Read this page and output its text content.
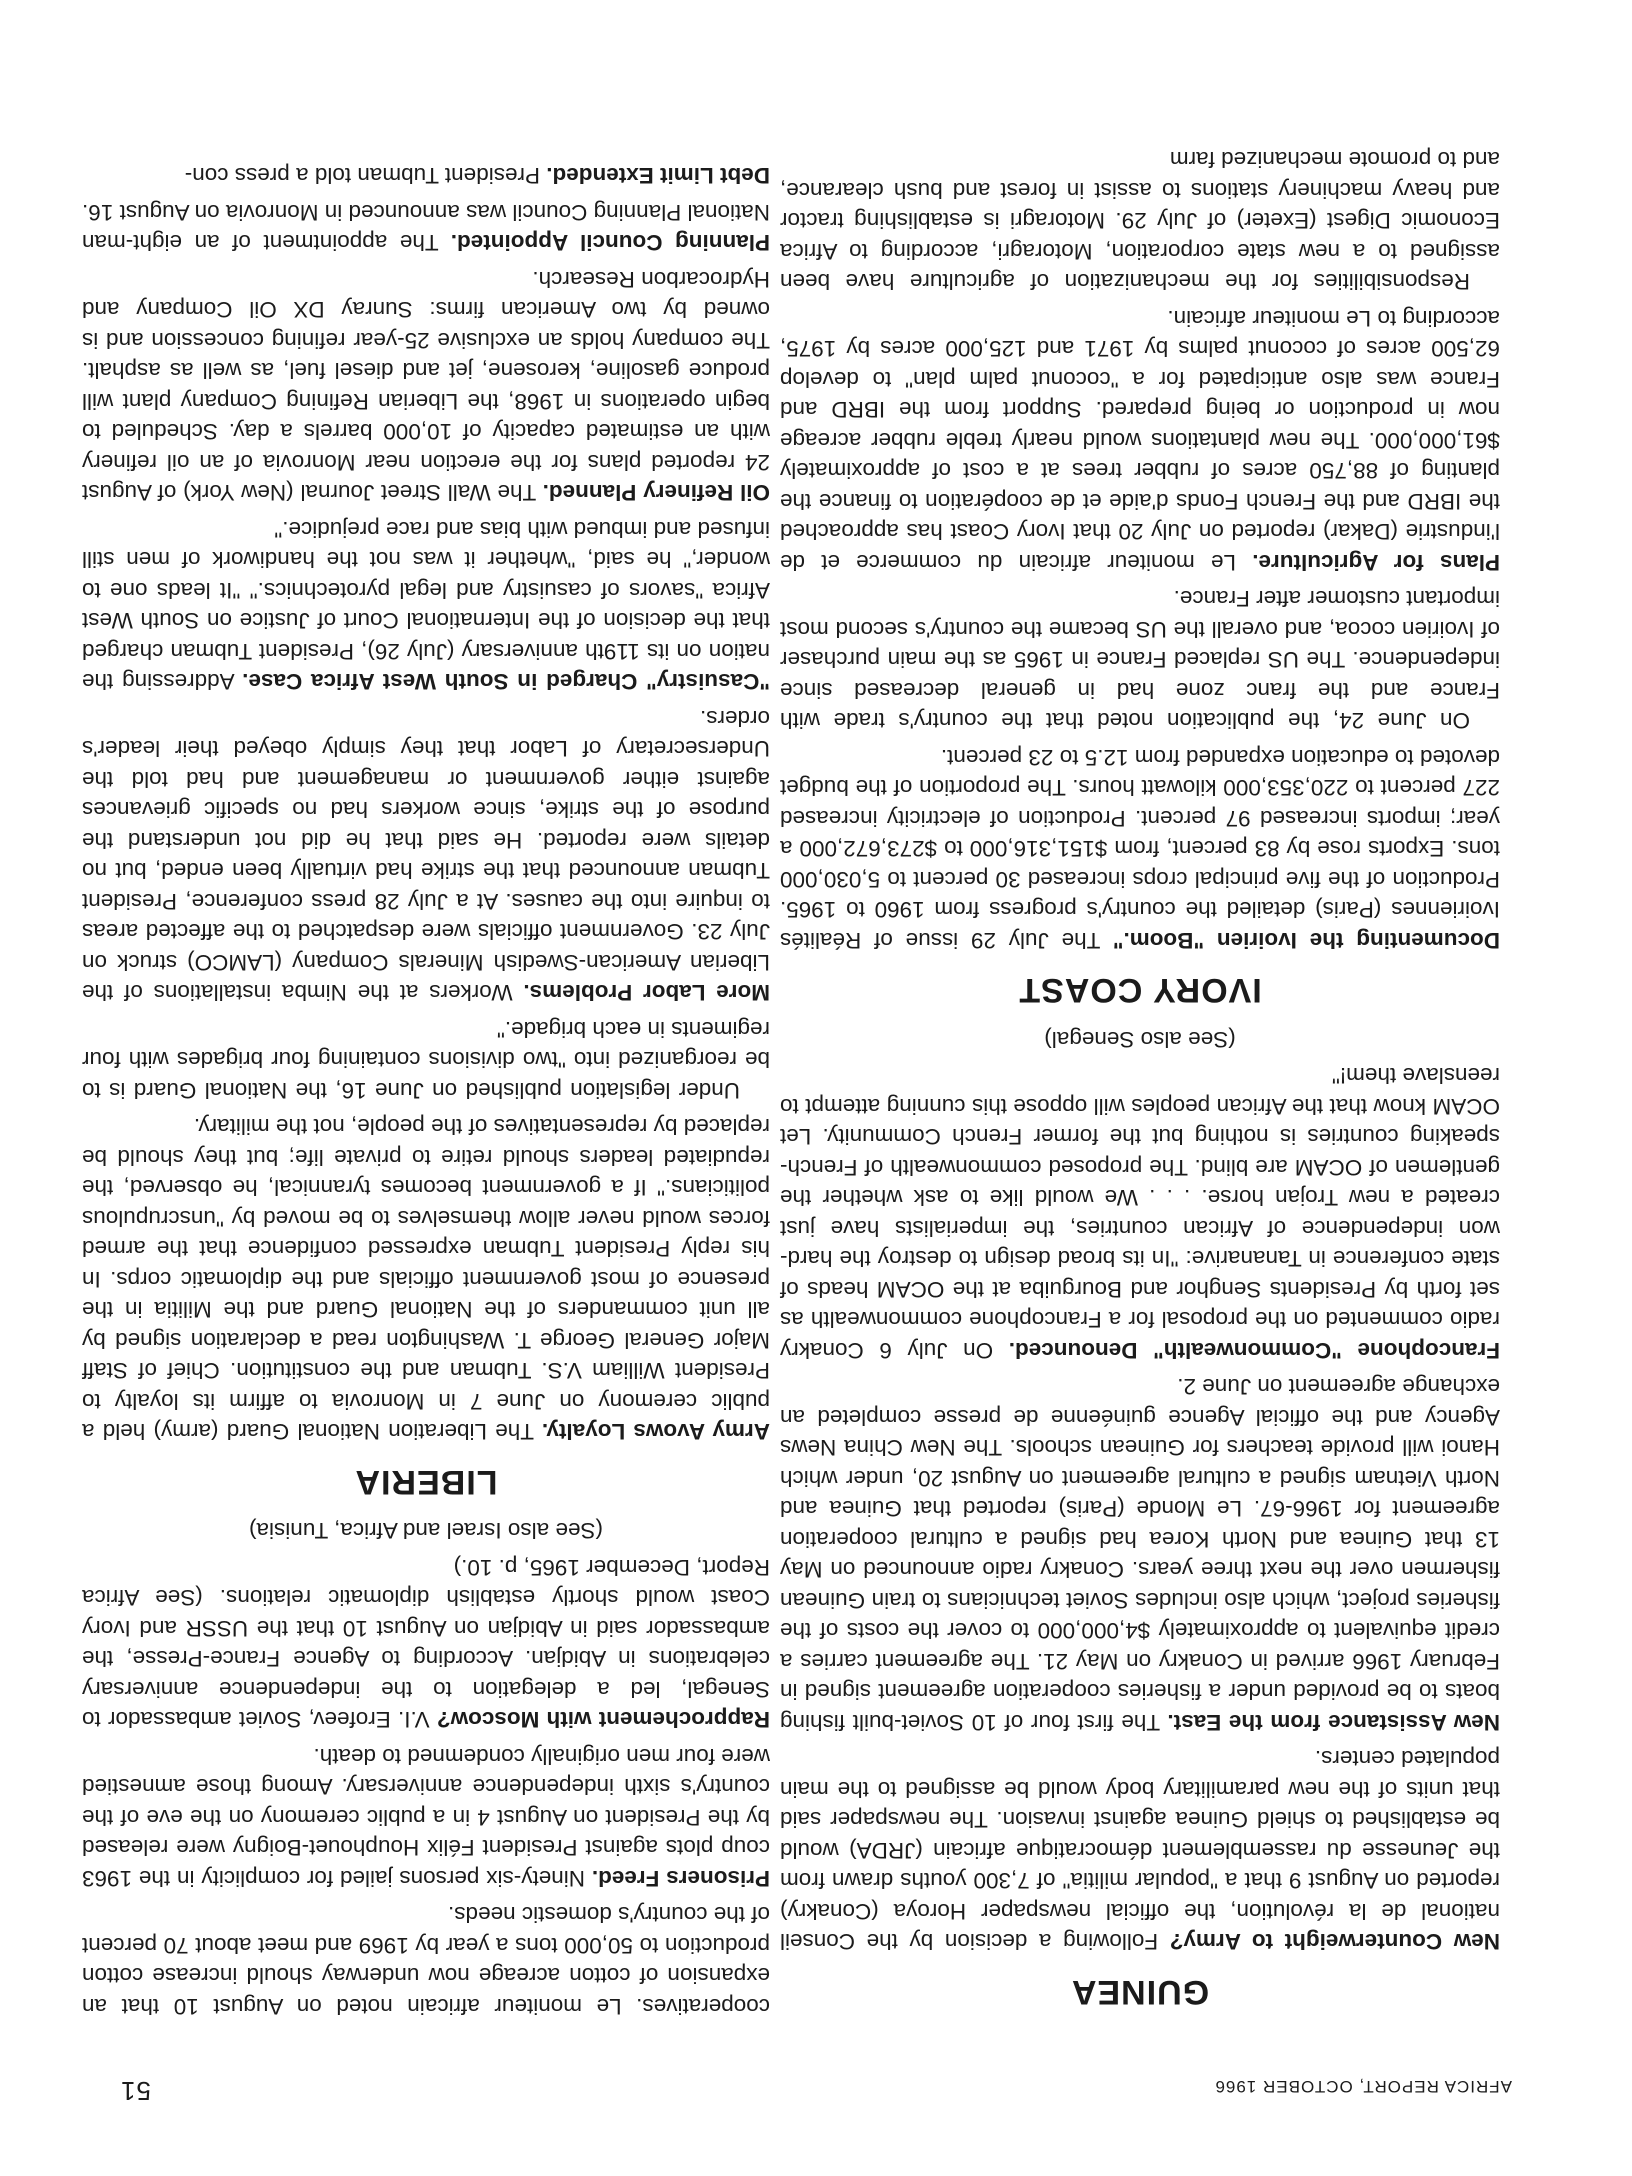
AFRICA REPORT, OCTOBER 1966
51
GUINEA

New Counterweight to Army? Following a decision by the Conseil national de la révolution, the official newspaper Horoya (Conakry) reported on August 9 that a "popular militia" of 7,300 youths drawn from the Jeunesse du rassemblement démocratique africain (JRDA) would be established to shield Guinea against invasion. The newspaper said that units of the new paramilitary body would be assigned to the main populated centers.

New Assistance from the East. The first four of 10 Soviet-built fishing boats to be provided under a fisheries cooperation agreement signed in February 1966 arrived in Conakry on May 21. The agreement carries a credit equivalent to approximately $4,000,000 to cover the costs of the fisheries project, which also includes Soviet technicians to train Guinean fishermen over the next three years. Conakry radio announced on May 13 that Guinea and North Korea had signed a cultural cooperation agreement for 1966-67. Le Monde (Paris) reported that Guinea and North Vietnam signed a cultural agreement on August 20, under which Hanoi will provide teachers for Guinean schools. The New China News Agency and the official Agence guinéenne de presse completed an exchange agreement on June 2.

Francophone "Commonwealth" Denounced. On July 6 Conakry radio commented on the proposal for a Francophone commonwealth as set forth by Presidents Senghor and Bourguiba at the OCAM heads of state conference in Tananarive: "In its broad design to destroy the hard-won independence of African countries, the imperialists have just created a new Trojan horse. . . . We would like to ask whether the gentlemen of OCAM are blind. The proposed commonwealth of French-speaking countries is nothing but the former French Community. Let OCAM know that the African peoples will oppose this cunning attempt to reenslave them!"

(See also Senegal)
IVORY COAST

Documenting the Ivoirien "Boom." The July 29 issue of Réalités Ivoiriennes (Paris) detailed the country's progress from 1960 to 1965. Production of the five principal crops increased 30 percent to 5,030,000 tons. Exports rose by 83 percent, from $151,316,000 to $273,672,000 a year; imports increased 97 percent. Production of electricity increased 227 percent to 220,353,000 kilowatt hours. The proportion of the budget devoted to education expanded from 12.5 to 23 percent.

On June 24, the publication noted that the country's trade with France and the franc zone had in general decreased since independence. The US replaced France in 1965 as the main purchaser of Ivoirien cocoa, and overall the US became the country's second most important customer after France.

Plans for Agriculture. Le moniteur africain du commerce et de l'industrie (Dakar) reported on July 20 that Ivory Coast has approached the IBRD and the French Fonds d'aide et de coopération to finance the planting of 88,750 acres of rubber trees at a cost of approximately $61,000,000. The new plantations would nearly treble rubber acreage now in production or being prepared. Support from the IBRD and France was also anticipated for a "coconut palm plan" to develop 62,500 acres of coconut palms by 1971 and 125,000 acres by 1975, according to Le moniteur africain.

Responsibilities for the mechanization of agriculture have been assigned to a new state corporation, Motoragri, according to Africa Economic Digest (Exeter) of July 29. Motoragri is establishing tractor and heavy machinery stations to assist in forest and bush clearance, and to promote mechanized farm

cooperatives. Le moniteur africain noted on August 10 that an expansion of cotton acreage now underway should increase cotton production to 50,000 tons a year by 1969 and meet about 70 percent of the country's domestic needs.

Prisoners Freed. Ninety-six persons jailed for complicity in the 1963 coup plots against President Félix Houphouet-Boigny were released by the President on August 4 in a public ceremony on the eve of the country's sixth independence anniversary. Among those amnestied were four men originally condemned to death.

Rapprochement with Moscow? V.I. Erofeev, Soviet ambassador to Senegal, led a delegation to the independence anniversary celebrations in Abidjan. According to Agence France-Presse, the ambassador said in Abidjan on August 10 that the USSR and Ivory Coast would shortly establish diplomatic relations. (See Africa Report, December 1965, p. 10.)

(See also Israel and Africa, Tunisia)
LIBERIA

Army Avows Loyalty. The Liberation National Guard (army) held a public ceremony on June 7 in Monrovia to affirm its loyalty to President William V.S. Tubman and the constitution. Chief of Staff Major General George T. Washington read a declaration signed by all unit commanders of the National Guard and the Militia in the presence of most government officials and the diplomatic corps. In his reply President Tubman expressed confidence that the armed forces would never allow themselves to be moved by "unscrupulous politicians." If a government becomes tyrannical, he observed, the repudiated leaders should retire to private life; but they should be replaced by representatives of the people, not the military.

Under legislation published on June 16, the National Guard is to be reorganized into "two divisions containing four brigades with four regiments in each brigade."

More Labor Problems. Workers at the Nimba installations of the Liberian American-Swedish Minerals Company (LAMCO) struck on July 23. Government officials were despatched to the affected areas to inquire into the causes. At a July 28 press conference, President Tubman announced that the strike had virtually been ended, but no details were reported. He said that he did not understand the purpose of the strike, since workers had no specific grievances against either government or management and had told the Undersecretary of Labor that they simply obeyed their leader's orders.

"Casuistry" Charged in South West Africa Case. Addressing the nation on its 119th anniversary (July 26), President Tubman charged that the decision of the International Court of Justice on South West Africa "savors of casuistry and legal pyrotechnics." "It leads one to wonder," he said, "whether it was not the handiwork of men still infused and imbued with bias and race prejudice."

Oil Refinery Planned. The Wall Street Journal (New York) of August 24 reported plans for the erection near Monrovia of an oil refinery with an estimated capacity of 10,000 barrels a day. Scheduled to begin operations in 1968, the Liberian Refining Company plant will produce gasoline, kerosene, jet and diesel fuel, as well as asphalt. The company holds an exclusive 25-year refining concession and is owned by two American firms: Sunray DX Oil Company and Hydrocarbon Research.

Planning Council Appointed. The appointment of an eight-man National Planning Council was announced in Monrovia on August 16.

Debt Limit Extended. President Tubman told a press con-
